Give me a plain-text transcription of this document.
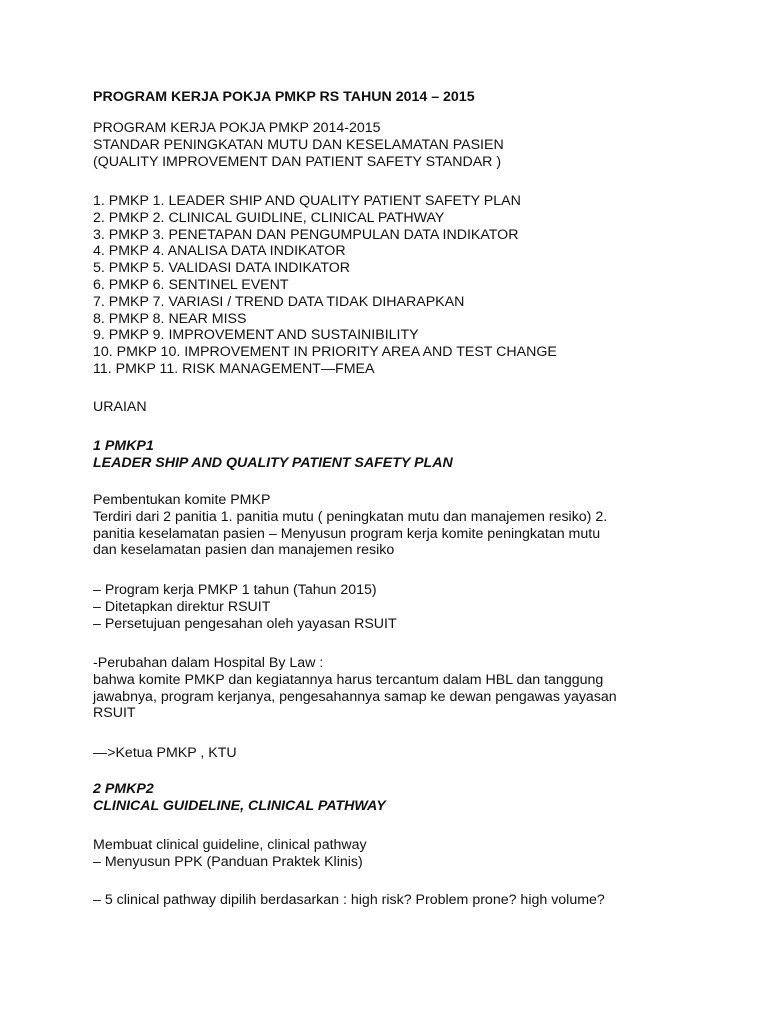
PROGRAM KERJA POKJA PMKP RS TAHUN 2014 – 2015
PROGRAM KERJA POKJA PMKP 2014-2015
STANDAR PENINGKATAN MUTU DAN KESELAMATAN PASIEN
(QUALITY IMPROVEMENT DAN PATIENT SAFETY STANDAR )
1. PMKP 1. LEADER SHIP AND QUALITY PATIENT SAFETY PLAN
2. PMKP 2. CLINICAL GUIDLINE, CLINICAL PATHWAY
3. PMKP 3. PENETAPAN DAN PENGUMPULAN DATA INDIKATOR
4. PMKP 4. ANALISA DATA INDIKATOR
5. PMKP 5. VALIDASI DATA INDIKATOR
6. PMKP 6. SENTINEL EVENT
7. PMKP 7. VARIASI / TREND DATA TIDAK DIHARAPKAN
8. PMKP 8. NEAR MISS
9. PMKP 9. IMPROVEMENT AND SUSTAINIBILITY
10. PMKP 10. IMPROVEMENT IN PRIORITY AREA AND TEST CHANGE
11. PMKP 11. RISK MANAGEMENT—FMEA
URAIAN
1 PMKP1
LEADER SHIP AND QUALITY PATIENT SAFETY PLAN
Pembentukan komite PMKP
Terdiri dari 2 panitia 1. panitia mutu ( peningkatan mutu dan manajemen resiko) 2.
panitia keselamatan pasien – Menyusun program kerja komite peningkatan mutu
dan keselamatan pasien dan manajemen resiko
– Program kerja PMKP 1 tahun (Tahun 2015)
– Ditetapkan direktur RSUIT
– Persetujuan pengesahan oleh yayasan RSUIT
-Perubahan dalam Hospital By Law :
bahwa komite PMKP dan kegiatannya harus tercantum dalam HBL dan tanggung
jawabnya, program kerjanya, pengesahannya samap ke dewan pengawas yayasan
RSUIT
—>Ketua PMKP , KTU
2 PMKP2
CLINICAL GUIDELINE, CLINICAL PATHWAY
Membuat clinical guideline, clinical pathway
– Menyusun PPK (Panduan Praktek Klinis)
– 5 clinical pathway dipilih berdasarkan : high risk? Problem prone? high volume?
